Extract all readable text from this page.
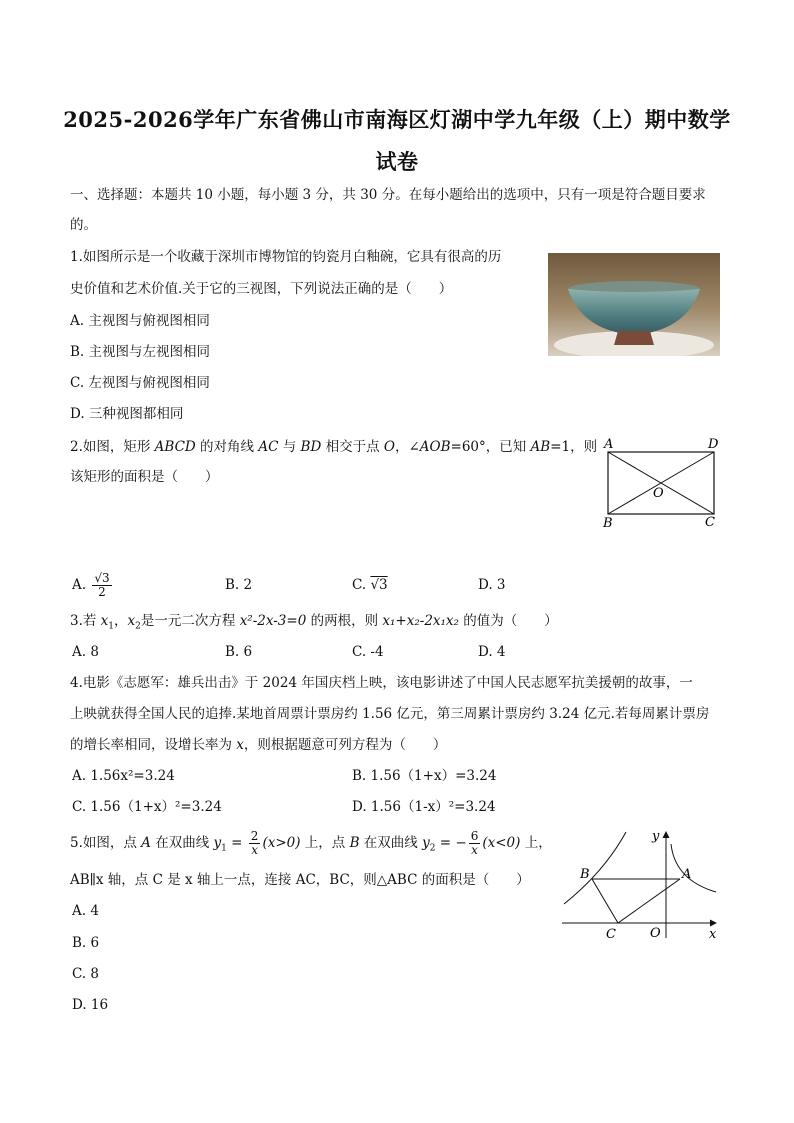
2025-2026学年广东省佛山市南海区灯湖中学九年级（上）期中数学
试卷
一、选择题：本题共 10 小题，每小题 3 分，共 30 分。在每小题给出的选项中，只有一项是符合题目要求
的。
1.如图所示是一个收藏于深圳市博物馆的钧瓷月白釉碗，它具有很高的历
史价值和艺术价值.关于它的三视图，下列说法正确的是（　　）
A. 主视图与俯视图相同
B. 主视图与左视图相同
C. 左视图与俯视图相同
D. 三种视图都相同
2.如图，矩形 ABCD 的对角线 AC 与 BD 相交于点 O，∠AOB=60°，已知 AB=1，则
该矩形的面积是（　　）
A	D
B	C
O
A. $\frac{√3}{2}$	B. 2	C. √3	D. 3
3.若 $x_1$，$x_2$是一元二次方程 x²-2x-3=0 的两根，则 x₁+x₂-2x₁x₂ 的值为（　　）
A. 8	B. 6	C. -4	D. 4
4.电影《志愿军：雄兵出击》于 2024 年国庆档上映，该电影讲述了中国人民志愿军抗美援朝的故事，一
上映就获得全国人民的追捧.某地首周票计票房约 1.56 亿元，第三周累计票房约 3.24 亿元.若每周累计票房
的增长率相同，设增长率为 x，则根据题意可列方程为（　　）
A. 1.56x²=3.24	B. 1.56（1+x）=3.24
C. 1.56（1+x）²=3.24	D. 1.56（1-x）²=3.24
5.如图，点 A 在双曲线 $y_1 = \frac{2}{x} (x>0)$ 上，点 B 在双曲线 $y_2$ = − $\frac{6}{x} (x<0)$ 上，
AB∥x 轴，点 C 是 x 轴上一点，连接 AC，BC，则△ABC 的面积是（　　）
A. 4
B. 6
C. 8
D. 16
y
x
O
A
B
C
